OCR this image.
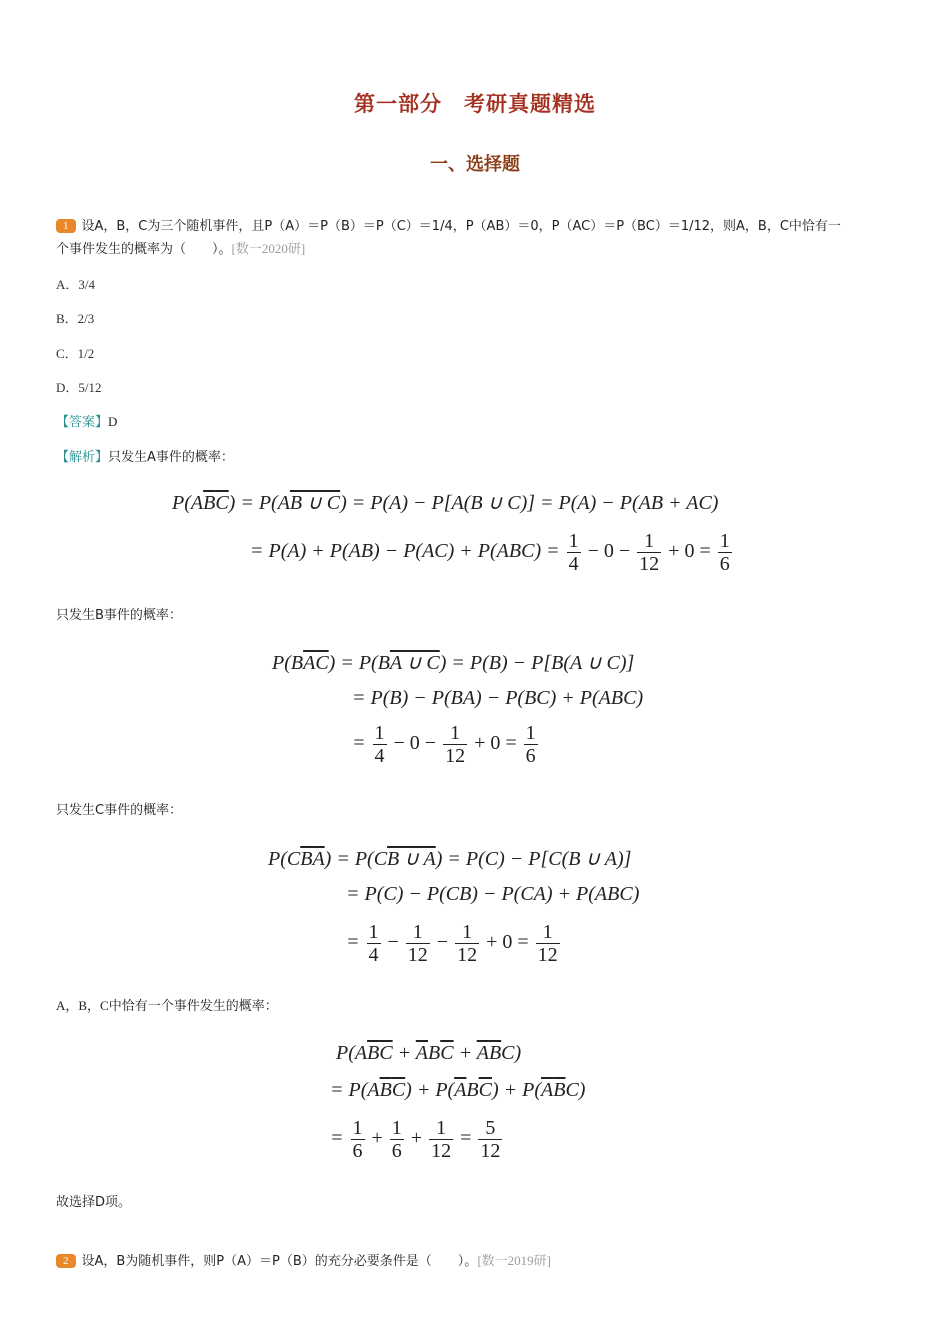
第一部分　考研真题精选
一、选择题
1 设A，B，C为三个随机事件，且P（A）＝P（B）＝P（C）＝1/4，P（AB）＝0，P（AC）＝P（BC）＝1/12，则A，B，C中恰有一
个事件发生的概率为（　　）。[数一2020研]
A．3/4
B．2/3
C．1/2
D．5/12
【答案】D
【解析】只发生A事件的概率：
$P(A\overline{B}\overline{C}) = P(AB$ ∪ C) = P(A) − P[A(B ∪ C)] = P(A) − P(AB + AC)
= $P(A) + P(AB) - P(AC) + P(ABC) = \frac{1}{4} - 0 - \frac{1}{12} + 0 = \frac{1}{6}$
只发生B事件的概率：
$P(B\overline{A}\overline{C}) = P(BA$ ∪ C) = P(B) − P[B(A ∪ C)]
= P(B) − P(BA) − P(BC) + P(ABC)
= $\frac{1}{4} - 0 - \frac{1}{12} + 0 = \frac{1}{6}$
只发生C事件的概率：
$P(C\overline{B}\overline{A}) = P(CB$ ∪ A) = P(C) − P[C(B ∪ A)]
= P(C) − P(CB) − P(CA) + P(ABC)
= $\frac{1}{4} - \frac{1}{12} - \frac{1}{12} + 0 = \frac{1}{12}$
A，B，C中恰有一个事件发生的概率：
$P(A\overline{B}\overline{C} + \overline{A}B\overline{C} + \overline{A}\overline{B}C)$
= $P(A\overline{B}\overline{C}) + P(\overline{A}B\overline{C}) + P(\overline{A}\overline{B}C)$
= $\frac{1}{6} + \frac{1}{6} + \frac{1}{12} = \frac{5}{12}$
故选择D项。
2 设A，B为随机事件，则P（A）＝P（B）的充分必要条件是（　　）。[数一2019研]
